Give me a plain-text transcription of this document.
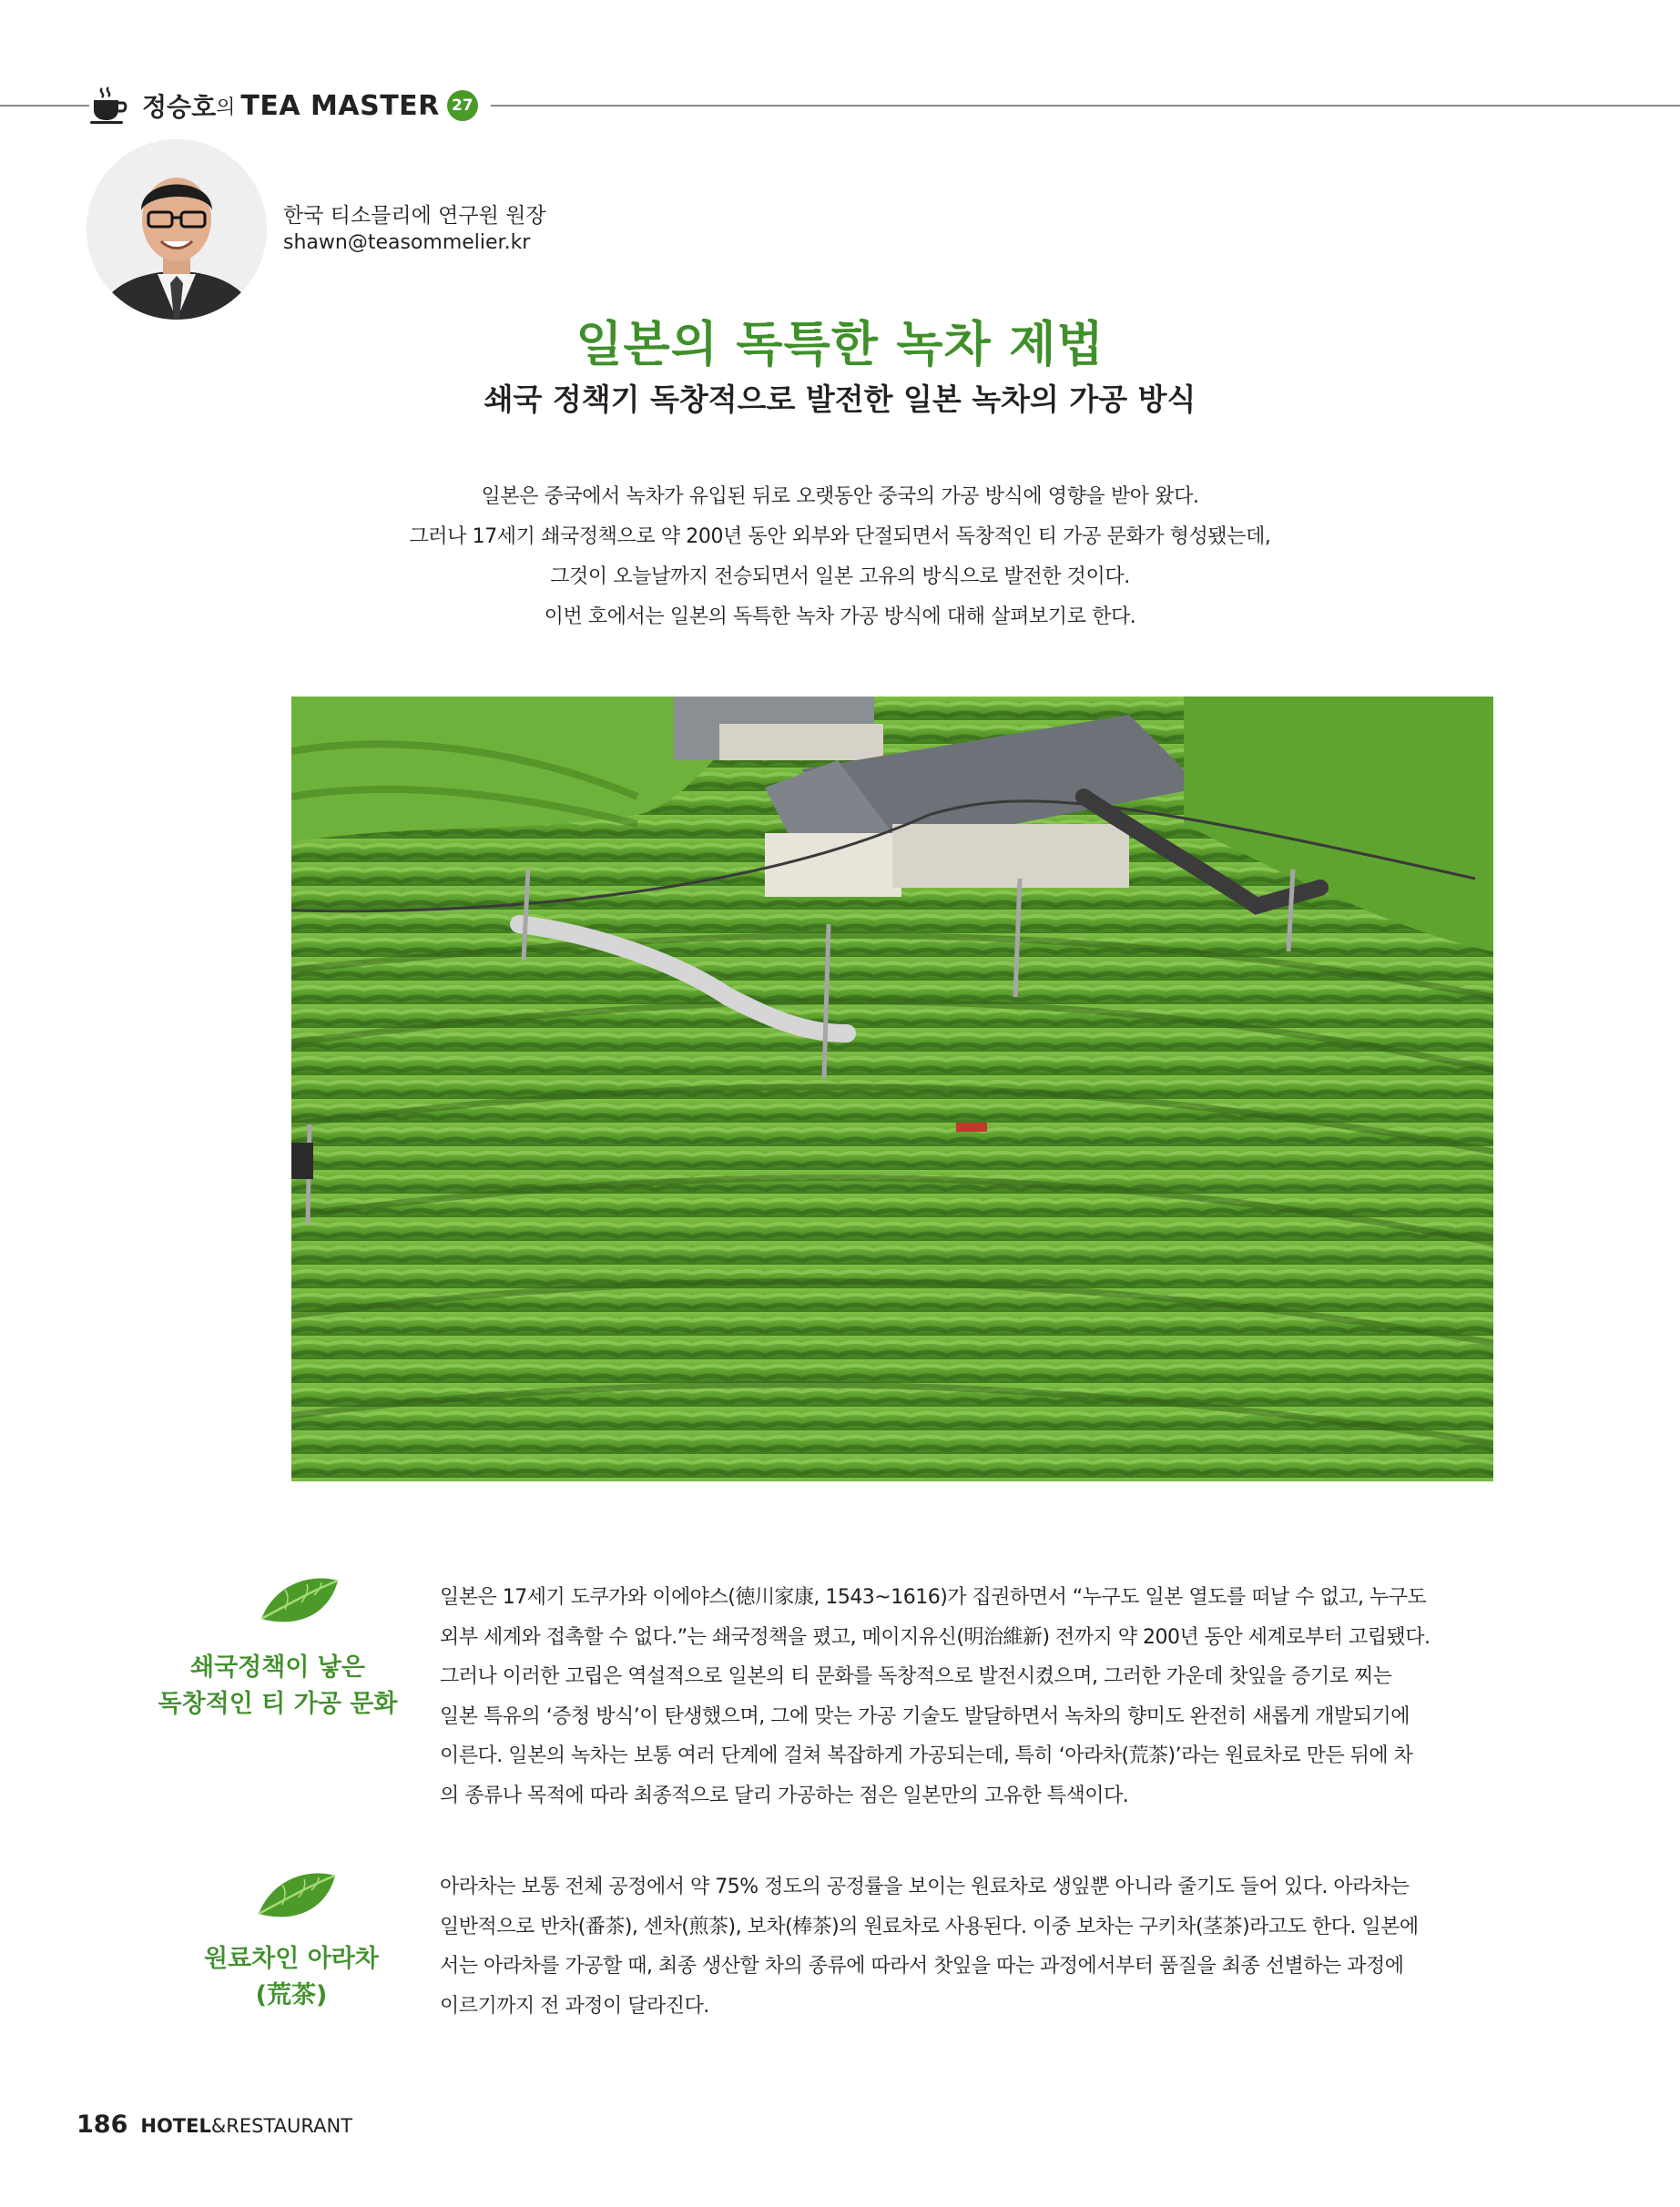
정승호 의 TEA MASTER 27
한국 티소믈리에 연구원 원장
shawn@teasommelier.kr
일본의 독특한 녹차 제법
쇄국 정책기 독창적으로 발전한 일본 녹차의 가공 방식

일본은 중국에서 녹차가 유입된 뒤로 오랫동안 중국의 가공 방식에 영향을 받아 왔다.

그러나 17세기 쇄국정책으로 약 200년 동안 외부와 단절되면서 독창적인 티 가공 문화가 형성됐는데,

그것이 오늘날까지 전승되면서 일본 고유의 방식으로 발전한 것이다.

이번 호에서는 일본의 독특한 녹차 가공 방식에 대해 살펴보기로 한다.

쇄국정책이 낳은
독창적인 티 가공 문화

일본은 17세기 도쿠가와 이에야스(徳川家康, 1543~1616)가 집권하면서 “누구도 일본 열도를 떠날 수 없고, 누구도

외부 세계와 접촉할 수 없다.”는 쇄국정책을 폈고, 메이지유신(明治維新) 전까지 약 200년 동안 세계로부터 고립됐다.

그러나 이러한 고립은 역설적으로 일본의 티 문화를 독창적으로 발전시켰으며, 그러한 가운데 찻잎을 증기로 찌는

일본 특유의 ‘증청 방식’이 탄생했으며, 그에 맞는 가공 기술도 발달하면서 녹차의 향미도 완전히 새롭게 개발되기에

이른다. 일본의 녹차는 보통 여러 단계에 걸쳐 복잡하게 가공되는데, 특히 ‘아라차(荒茶)’라는 원료차로 만든 뒤에 차

의 종류나 목적에 따라 최종적으로 달리 가공하는 점은 일본만의 고유한 특색이다.

원료차인 아라차
(荒茶)

아라차는 보통 전체 공정에서 약 75% 정도의 공정률을 보이는 원료차로 생잎뿐 아니라 줄기도 들어 있다. 아라차는

일반적으로 반차(番茶), 센차(煎茶), 보차(棒茶)의 원료차로 사용된다. 이중 보차는 구키차(茎茶)라고도 한다. 일본에

서는 아라차를 가공할 때, 최종 생산할 차의 종류에 따라서 찻잎을 따는 과정에서부터 품질을 최종 선별하는 과정에

이르기까지 전 과정이 달라진다.

186 HOTEL & RESTAURANT
